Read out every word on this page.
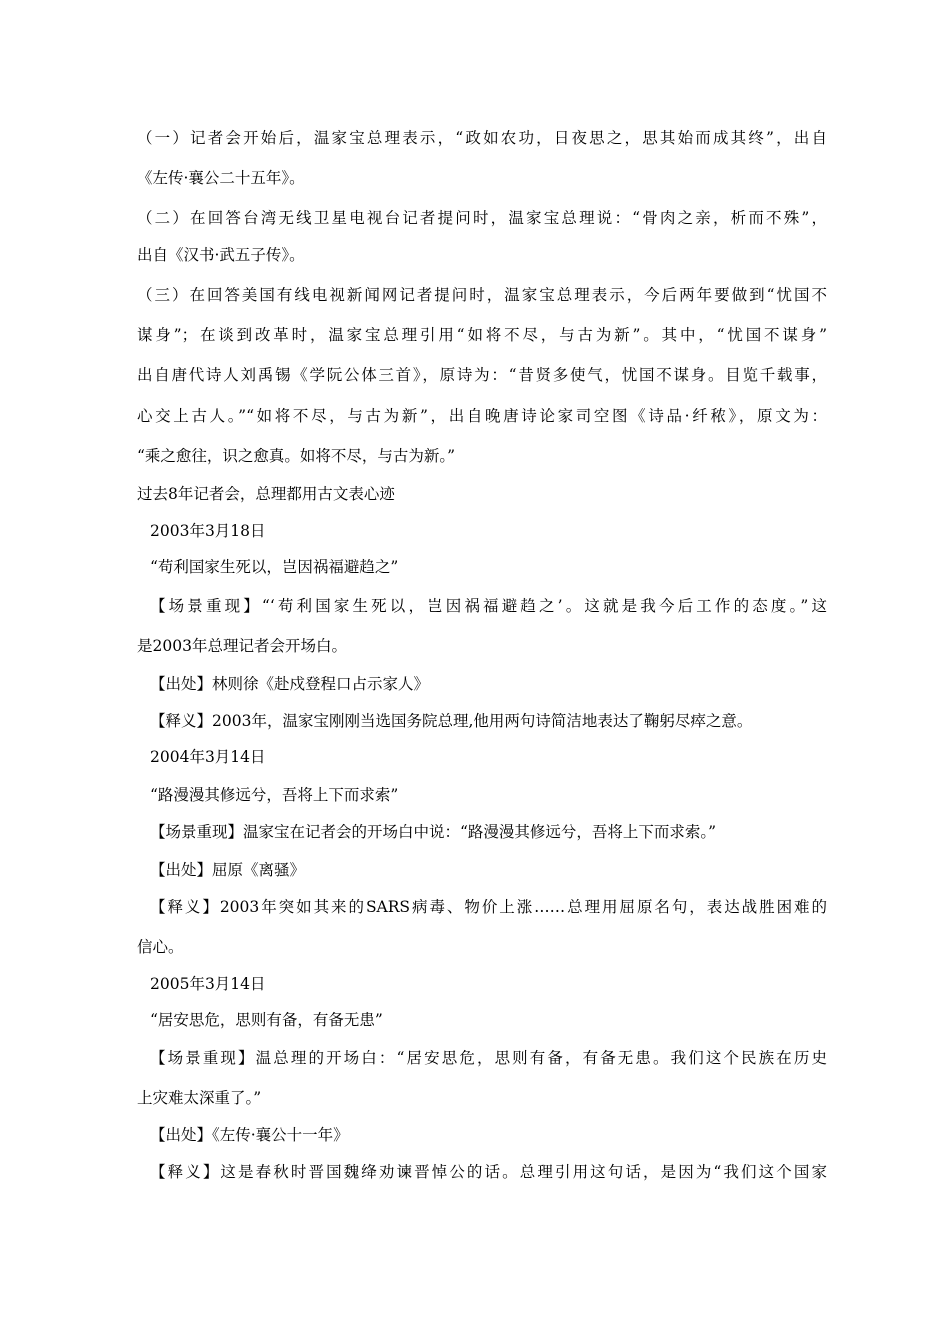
（一）记者会开始后，温家宝总理表示，“政如农功，日夜思之，思其始而成其终”，出自
《左传·襄公二十五年》。
（二）在回答台湾无线卫星电视台记者提问时，温家宝总理说：“骨肉之亲，析而不殊”，
出自《汉书·武五子传》。
（三）在回答美国有线电视新闻网记者提问时，温家宝总理表示，今后两年要做到“忧国不
谋身”；在谈到改革时，温家宝总理引用“如将不尽，与古为新”。其中，“忧国不谋身”
出自唐代诗人刘禹锡《学阮公体三首》，原诗为：“昔贤多使气，忧国不谋身。目览千载事，
心交上古人。”“如将不尽，与古为新”，出自晚唐诗论家司空图《诗品·纤秾》，原文为：
“乘之愈往，识之愈真。如将不尽，与古为新。”
过去8年记者会，总理都用古文表心迹
2003年3月18日
“苟利国家生死以，岂因祸福避趋之”
【场景重现】“‘苟利国家生死以，岂因祸福避趋之’。这就是我今后工作的态度。”这
是2003年总理记者会开场白。
【出处】林则徐《赴戍登程口占示家人》
【释义】2003年，温家宝刚刚当选国务院总理,他用两句诗简洁地表达了鞠躬尽瘁之意。
2004年3月14日
“路漫漫其修远兮，吾将上下而求索”
【场景重现】温家宝在记者会的开场白中说：“路漫漫其修远兮，吾将上下而求索。”
【出处】屈原《离骚》
【释义】2003年突如其来的SARS病毒、物价上涨……总理用屈原名句，表达战胜困难的
信心。
2005年3月14日
“居安思危，思则有备，有备无患”
【场景重现】温总理的开场白：“居安思危，思则有备，有备无患。我们这个民族在历史
上灾难太深重了。”
【出处】《左传·襄公十一年》
【释义】这是春秋时晋国魏绛劝谏晋悼公的话。总理引用这句话，是因为“我们这个国家
